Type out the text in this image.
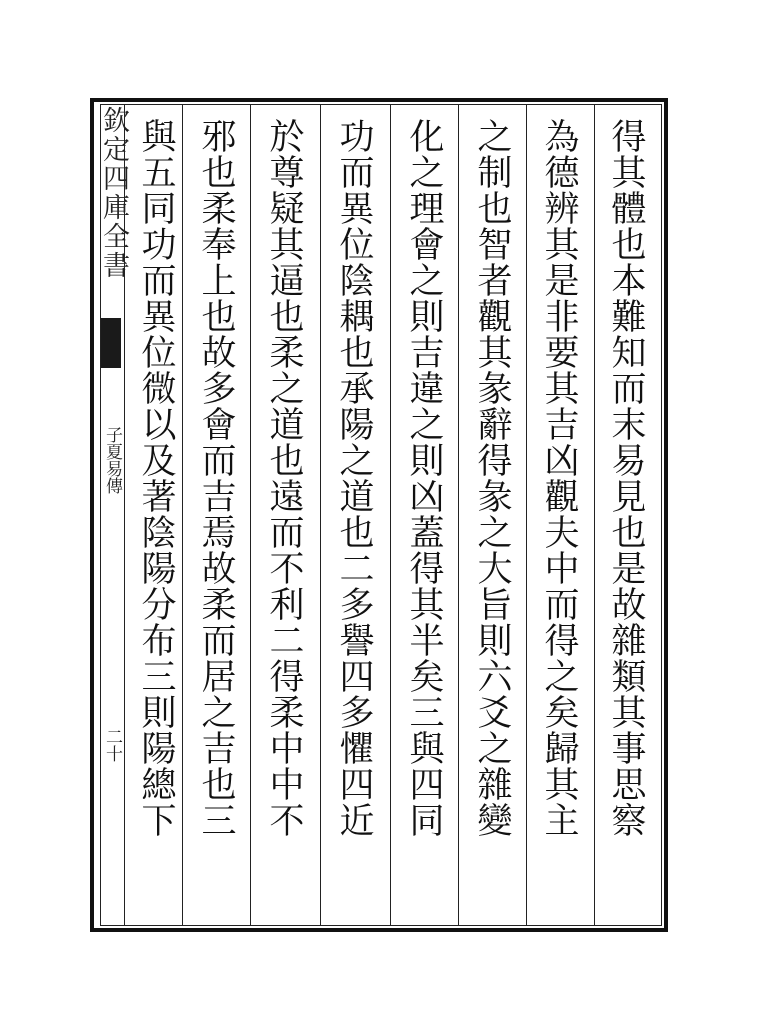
欽定四庫全書
子夏易傳
二十	得其體也本難知而末易見也是故雜類其事思察
為德辨其是非要其吉凶觀夫中而得之矣歸其主
之制也智者觀其彖辭得彖之大旨則六爻之雜變
化之理會之則吉違之則凶蓋得其半矣三與四同
功而異位陰耦也承陽之道也二多譽四多懼四近
於尊疑其逼也柔之道也遠而不利二得柔中中不
邪也柔奉上也故多會而吉焉故柔而居之吉也三
與五同功而異位微以及著陰陽分布三則陽總下
